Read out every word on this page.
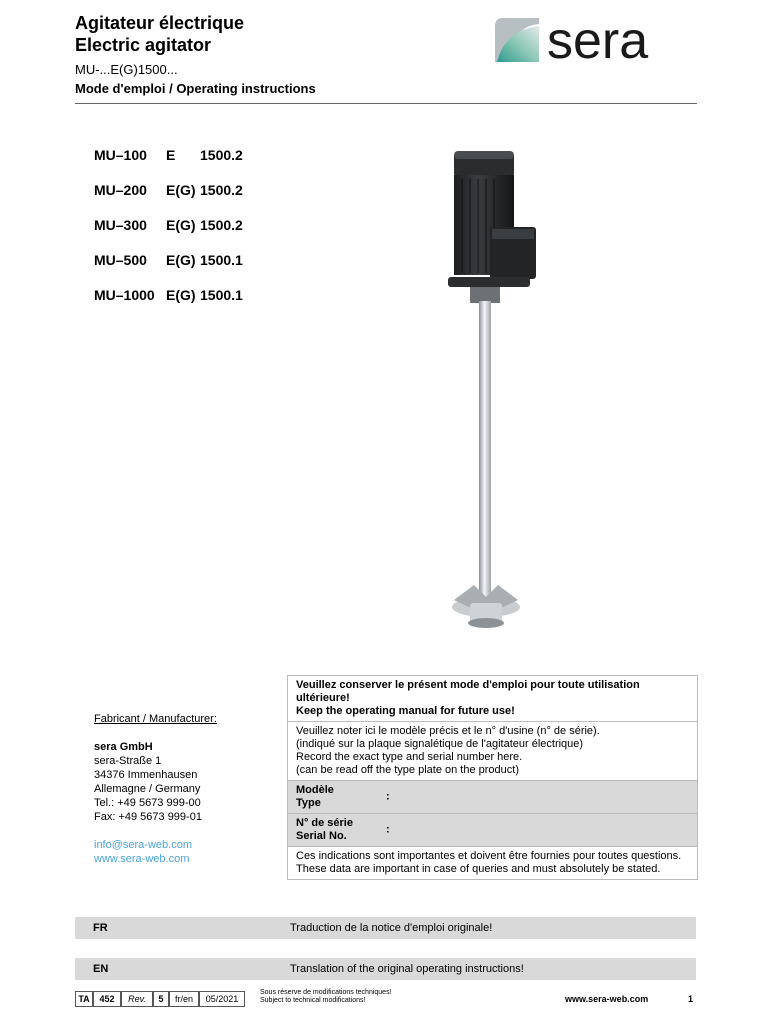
Agitateur électrique
Electric agitator
MU-...E(G)1500...
Mode d'emploi / Operating instructions
sera
MU–100 E 1500.2
MU–200 E(G) 1500.2
MU–300 E(G) 1500.2
MU–500 E(G) 1500.1
MU–1000 E(G) 1500.1
Fabricant / Manufacturer:
sera GmbH
sera-Straße 1
34376 Immenhausen
Allemagne / Germany
Tel.: +49 5673 999-00
Fax: +49 5673 999-01
info@sera-web.com
www.sera-web.com
Veuillez conserver le présent mode d'emploi pour toute utilisation ultérieure!
Keep the operating manual for future use!
Veuillez noter ici le modèle précis et le n° d'usine (n° de série).
(indiqué sur la plaque signalétique de l'agitateur électrique)
Record the exact type and serial number here.
(can be read off the type plate on the product)
Modèle
Type
:
N° de série
Serial No.
:
Ces indications sont importantes et doivent être fournies pour toutes questions.
These data are important in case of queries and must absolutely be stated.
FR	Traduction de la notice d'emploi originale!
EN	Translation of the original operating instructions!
TA	452	Rev.	5	fr/en	05/2021
Sous réserve de modifications techniques!
Subject to technical modifications!	www.sera-web.com	1
